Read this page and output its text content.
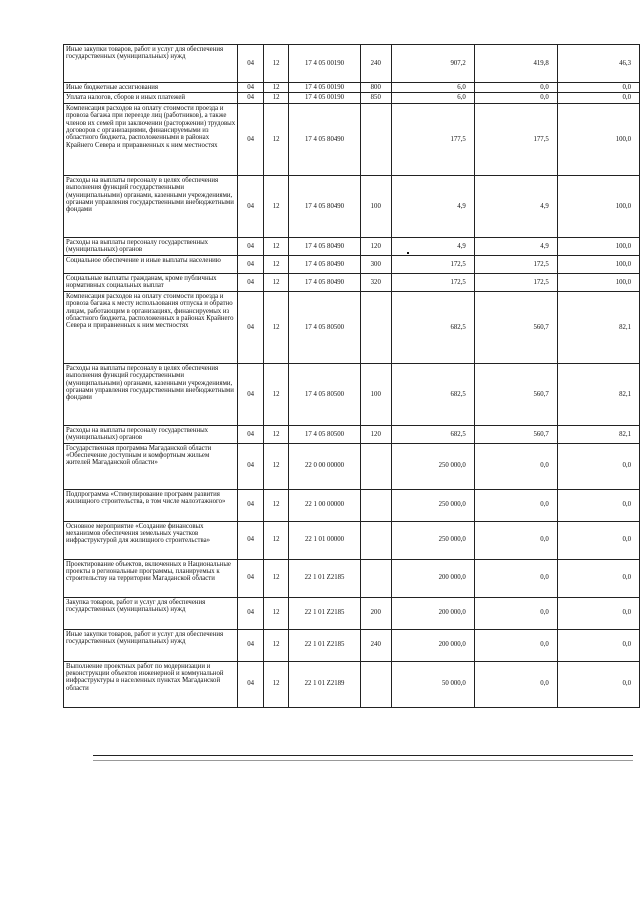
Иные закупки товаров, работ и услуг для обеспечения государственных (муниципальных) нужд	04	12	17 4 05 00190	240	907,2	419,8	46,3
Иные бюджетные ассигнования	04	12	17 4 05 00190	800	6,0	0,0	0,0
Уплата налогов, сборов и иных платежей	04	12	17 4 05 00190	850	6,0	0,0	0,0
Компенсация расходов на оплату стоимости проезда и провоза багажа при переезде лиц (работников), а также членов их семей при заключении (расторжении) трудовых договоров с организациями, финансируемыми из областного бюджета, расположенными в районах Крайнего Севера и приравненных к ним местностях	04	12	17 4 05 80490		177,5	177,5	100,0
Расходы на выплаты персоналу в целях обеспечения выполнения функций государственными (муниципальными) органами, казенными учреждениями, органами управления государственными внебюджетными фондами	04	12	17 4 05 80490	100	4,9	4,9	100,0
Расходы на выплаты персоналу государственных (муниципальных) органов	04	12	17 4 05 80490	120	4,9	4,9	100,0
Социальное обеспечение и иные выплаты населению	04	12	17 4 05 80490	300	172,5	172,5	100,0
Социальные выплаты гражданам, кроме публичных нормативных социальных выплат	04	12	17 4 05 80490	320	172,5	172,5	100,0
Компенсация расходов на оплату стоимости проезда и провоза багажа к месту использования отпуска и обратно лицам, работающим в организациях, финансируемых из областного бюджета, расположенных в районах Крайнего Севера и приравненных к ним местностях	04	12	17 4 05 80500		682,5	560,7	82,1
Расходы на выплаты персоналу в целях обеспечения выполнения функций государственными (муниципальными) органами, казенными учреждениями, органами управления государственными внебюджетными фондами	04	12	17 4 05 80500	100	682,5	560,7	82,1
Расходы на выплаты персоналу государственных (муниципальных) органов	04	12	17 4 05 80500	120	682,5	560,7	82,1
Государственная программа Магаданской области «Обеспечение доступным и комфортным жильем жителей Магаданской области»	04	12	22 0 00 00000		250 000,0	0,0	0,0
Подпрограмма «Стимулирование программ развития жилищного строительства, в том числе малоэтажного»	04	12	22 1 00 00000		250 000,0	0,0	0,0
Основное мероприятие «Создание финансовых механизмов обеспечения земельных участков инфраструктурой для жилищного строительства»	04	12	22 1 01 00000		250 000,0	0,0	0,0
Проектирование объектов, включенных в Национальные проекты в региональные программы, планируемых к строительству на территории Магаданской области	04	12	22 1 01 Z2185		200 000,0	0,0	0,0
Закупка товаров, работ и услуг для обеспечения государственных (муниципальных) нужд	04	12	22 1 01 Z2185	200	200 000,0	0,0	0,0
Иные закупки товаров, работ и услуг для обеспечения государственных (муниципальных) нужд	04	12	22 1 01 Z2185	240	200 000,0	0,0	0,0
Выполнение проектных работ по модернизации и реконструкции объектов инженерной и коммунальной инфраструктуры в населенных пунктах Магаданской области	04	12	22 1 01 Z2189		50 000,0	0,0	0,0
